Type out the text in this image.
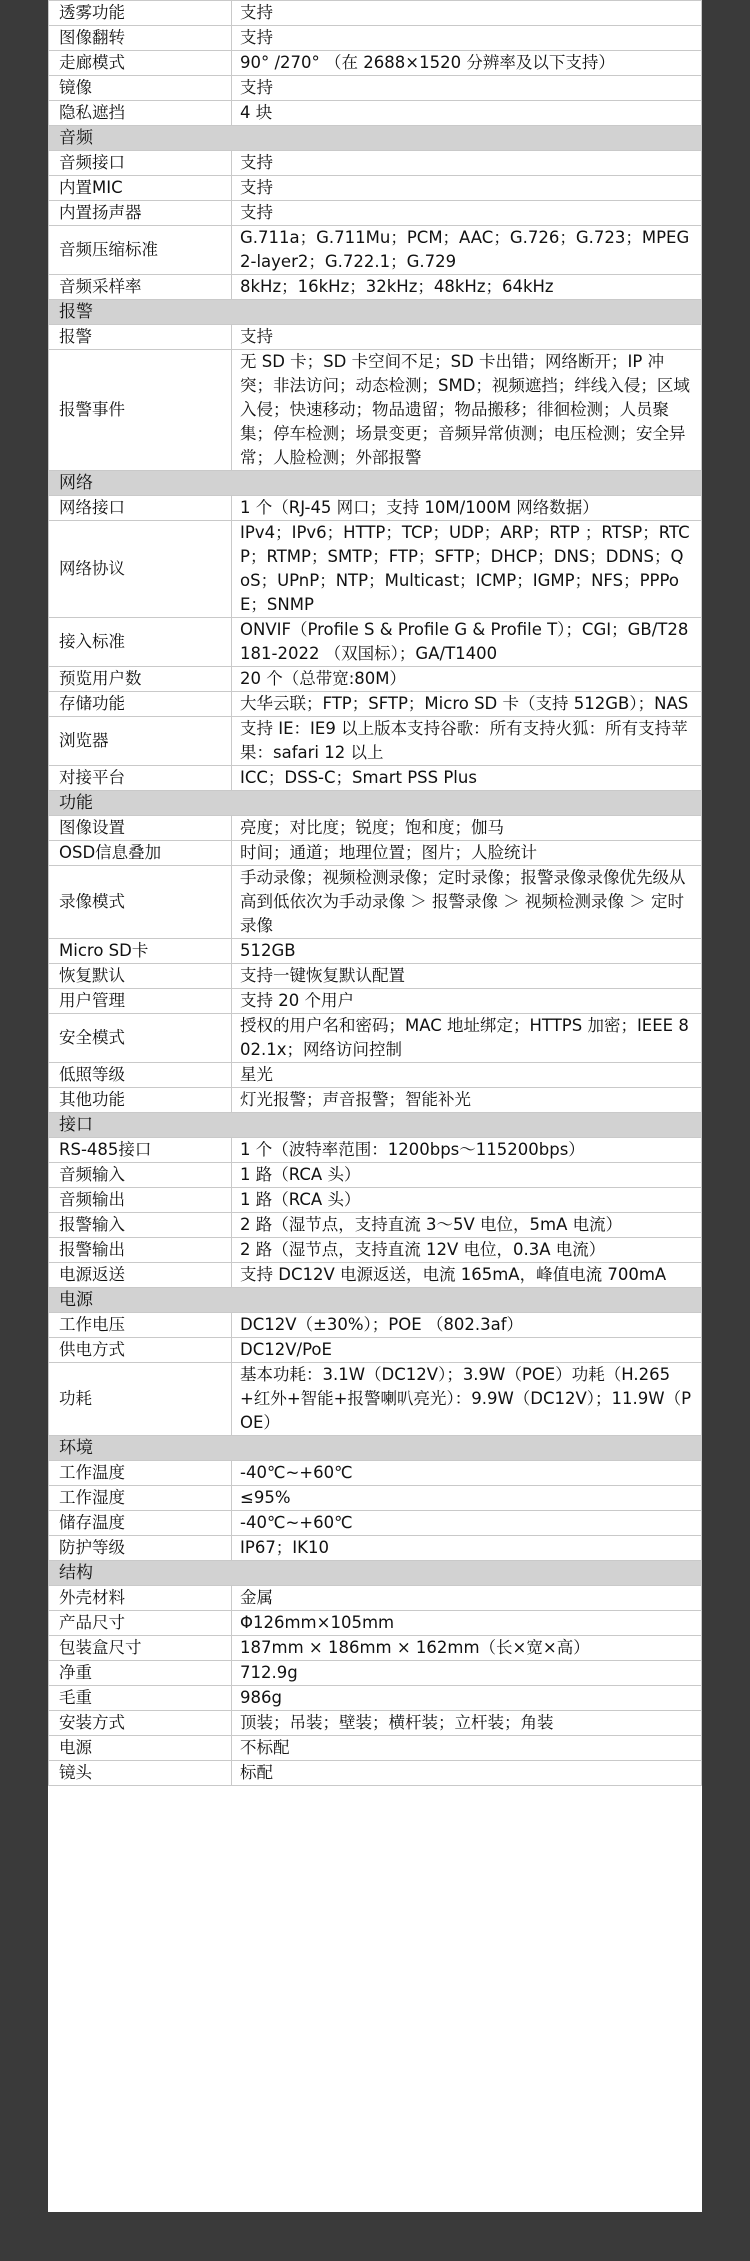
透雾功能	支持
图像翻转	支持
走廊模式	90° /270° （在 2688×1520 分辨率及以下支持）
镜像	支持
隐私遮挡	4 块
音频	
音频接口	支持
内置MIC	支持
内置扬声器	支持
音频压缩标准	G.711a；G.711Mu；PCM；AAC；G.726；G.723；MPEG2-layer2；G.722.1；G.729
音频采样率	8kHz；16kHz；32kHz；48kHz；64kHz
报警	
报警	支持
报警事件	无 SD 卡；SD 卡空间不足；SD 卡出错；网络断开；IP 冲突；非法访问；动态检测；SMD；视频遮挡；绊线入侵；区域入侵；快速移动；物品遗留；物品搬移；徘徊检测；人员聚集；停车检测；场景变更；音频异常侦测；电压检测；安全异常；人脸检测；外部报警
网络	
网络接口	1 个（RJ-45 网口；支持 10M/100M 网络数据）
网络协议	IPv4；IPv6；HTTP；TCP；UDP；ARP；RTP ；RTSP；RTCP；RTMP；SMTP；FTP；SFTP；DHCP；DNS；DDNS；QoS；UPnP；NTP；Multicast；ICMP；IGMP；NFS；PPPoE；SNMP
接入标准	ONVIF（Profile S & Profile G & Profile T）；CGI；GB/T28181-2022 （双国标）；GA/T1400
预览用户数	20 个（总带宽:80M）
存储功能	大华云联；FTP；SFTP；Micro SD 卡（支持 512GB）；NAS
浏览器	支持 IE：IE9 以上版本支持谷歌：所有支持火狐：所有支持苹果：safari 12 以上
对接平台	ICC；DSS-C；Smart PSS Plus
功能	
图像设置	亮度；对比度；锐度；饱和度；伽马
OSD信息叠加	时间；通道；地理位置；图片；人脸统计
录像模式	手动录像；视频检测录像；定时录像；报警录像录像优先级从高到低依次为手动录像 ＞ 报警录像 ＞ 视频检测录像 ＞ 定时录像
Micro SD卡	512GB
恢复默认	支持一键恢复默认配置
用户管理	支持 20 个用户
安全模式	授权的用户名和密码；MAC 地址绑定；HTTPS 加密；IEEE 802.1x；网络访问控制
低照等级	星光
其他功能	灯光报警；声音报警；智能补光
接口	
RS-485接口	1 个（波特率范围：1200bps～115200bps）
音频输入	1 路（RCA 头）
音频输出	1 路（RCA 头）
报警输入	2 路（湿节点，支持直流 3～5V 电位，5mA 电流）
报警输出	2 路（湿节点，支持直流 12V 电位，0.3A 电流）
电源返送	支持 DC12V 电源返送，电流 165mA，峰值电流 700mA
电源	
工作电压	DC12V（±30%）；POE （802.3af）
供电方式	DC12V/PoE
功耗	基本功耗：3.1W（DC12V）；3.9W（POE）功耗（H.265+红外+智能+报警喇叭亮光）：9.9W（DC12V）；11.9W（POE）
环境	
工作温度	-40℃~+60℃
工作湿度	≤95%
储存温度	-40℃~+60℃
防护等级	IP67；IK10
结构	
外壳材料	金属
产品尺寸	Φ126mm×105mm
包装盒尺寸	187mm × 186mm × 162mm（长×宽×高）
净重	712.9g
毛重	986g
安装方式	顶装；吊装；壁装；横杆装；立杆装；角装
电源	不标配
镜头	标配
